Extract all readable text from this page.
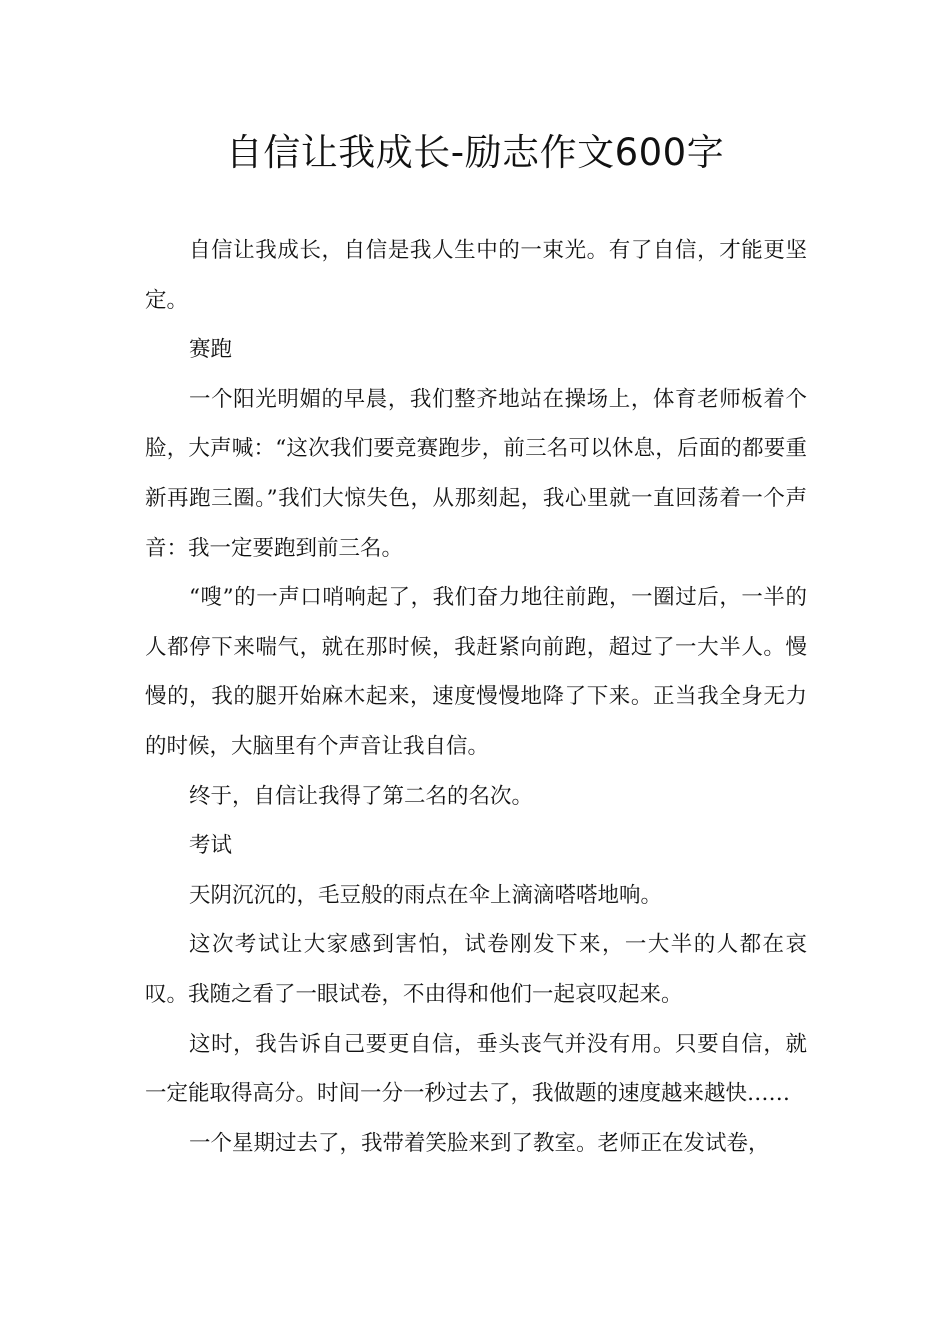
自信让我成长-励志作文600字

自信让我成长，自信是我人生中的一束光。有了自信，才能更坚定。

赛跑

一个阳光明媚的早晨，我们整齐地站在操场上，体育老师板着个脸，大声喊：“这次我们要竞赛跑步，前三名可以休息，后面的都要重新再跑三圈。”我们大惊失色，从那刻起，我心里就一直回荡着一个声音：我一定要跑到前三名。

“嗖”的一声口哨响起了，我们奋力地往前跑，一圈过后，一半的人都停下来喘气，就在那时候，我赶紧向前跑，超过了一大半人。慢慢的，我的腿开始麻木起来，速度慢慢地降了下来。正当我全身无力的时候，大脑里有个声音让我自信。

终于，自信让我得了第二名的名次。

考试

天阴沉沉的，毛豆般的雨点在伞上滴滴嗒嗒地响。

这次考试让大家感到害怕，试卷刚发下来，一大半的人都在哀叹。我随之看了一眼试卷，不由得和他们一起哀叹起来。

这时，我告诉自己要更自信，垂头丧气并没有用。只要自信，就一定能取得高分。时间一分一秒过去了，我做题的速度越来越快……

一个星期过去了，我带着笑脸来到了教室。老师正在发试卷，
